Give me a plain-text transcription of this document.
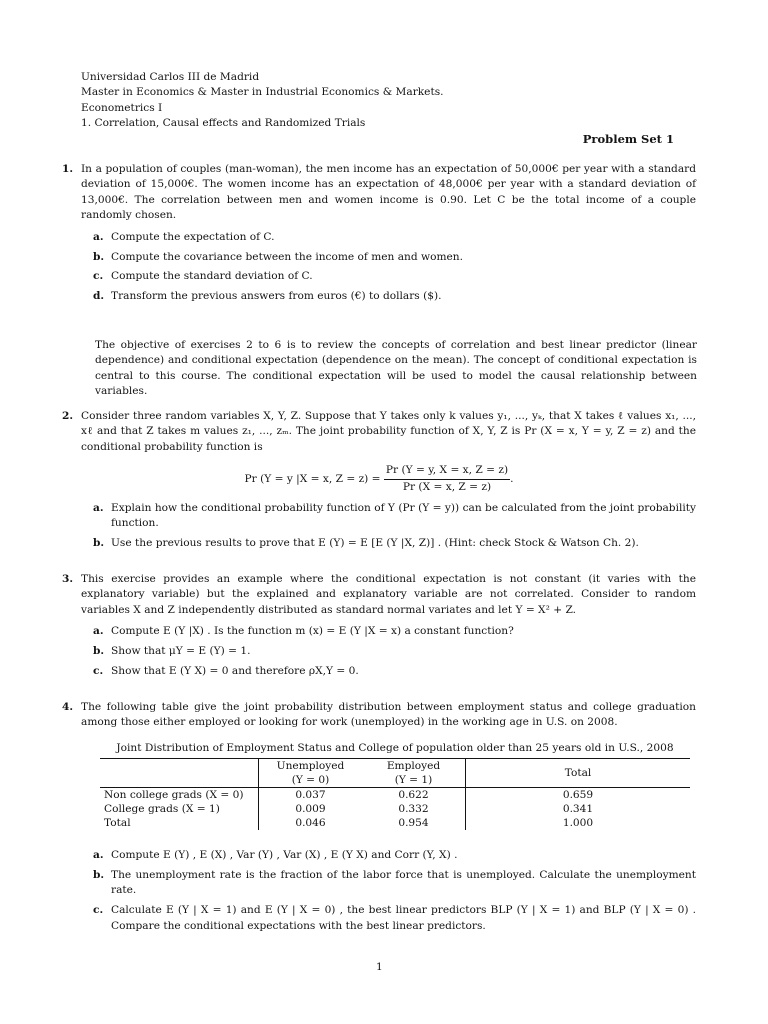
Universidad Carlos III de Madrid
Master in Economics & Master in Industrial Economics & Markets.
Econometrics I
1. Correlation, Causal effects and Randomized Trials
Problem Set 1
1. In a population of couples (man-woman), the men income has an expectation of 50,000€ per year with a standard deviation of 15,000€. The women income has an expectation of 48,000€ per year with a standard deviation of 13,000€. The correlation between men and women income is 0.90. Let C be the total income of a couple randomly chosen.
a. Compute the expectation of C.
b. Compute the covariance between the income of men and women.
c. Compute the standard deviation of C.
d. Transform the previous answers from euros (€) to dollars ($).
The objective of exercises 2 to 6 is to review the concepts of correlation and best linear predictor (linear dependence) and conditional expectation (dependence on the mean). The concept of conditional expectation is central to this course. The conditional expectation will be used to model the causal relationship between variables.
2. Consider three random variables X, Y, Z. Suppose that Y takes only k values y₁, ..., yₖ, that X takes ℓ values x₁, ..., xℓ and that Z takes m values z₁, ..., zₘ. The joint probability function of X, Y, Z is Pr (X = x, Y = y, Z = z) and the conditional probability function is
Pr (Y = y |X = x, $Z = z) = \frac{Pr (Y = y, X = x, Z = z)}{Pr (X = x, Z = z)}$ .
a. Explain how the conditional probability function of Y (Pr (Y = y)) can be calculated from the joint probability function.
b. Use the previous results to prove that E (Y) = E [E (Y |X, Z)] . (Hint: check Stock & Watson Ch. 2).
3. This exercise provides an example where the conditional expectation is not constant (it varies with the explanatory variable) but the explained and explanatory variable are not correlated. Consider to random variables X and Z independently distributed as standard normal variates and let Y = X² + Z.
a. Compute E (Y |X) . Is the function m (x) = E (Y |X = x) a constant function?
b. Show that μY = E (Y) = 1.
c. Show that E (Y X) = 0 and therefore ρX,Y = 0.
4. The following table give the joint probability distribution between employment status and college graduation among those either employed or looking for work (unemployed) in the working age in U.S. on 2008.
Joint Distribution of Employment Status and College of population older than 25 years old in U.S., 2008
	Unemployed	Employed	Total
	(Y = 0)	(Y = 1)	
Non college grads (X = 0)	0.037	0.622	0.659
College grads (X = 1)	0.009	0.332	0.341
Total	0.046	0.954	1.000
a. Compute E (Y) , E (X) , Var (Y) , Var (X) , E (Y X) and Corr (Y, X) .
b. The unemployment rate is the fraction of the labor force that is unemployed. Calculate the unemployment rate.
c. Calculate E (Y | X = 1) and E (Y | X = 0) , the best linear predictors BLP (Y | X = 1) and BLP (Y | X = 0) . Compare the conditional expectations with the best linear predictors.
1
